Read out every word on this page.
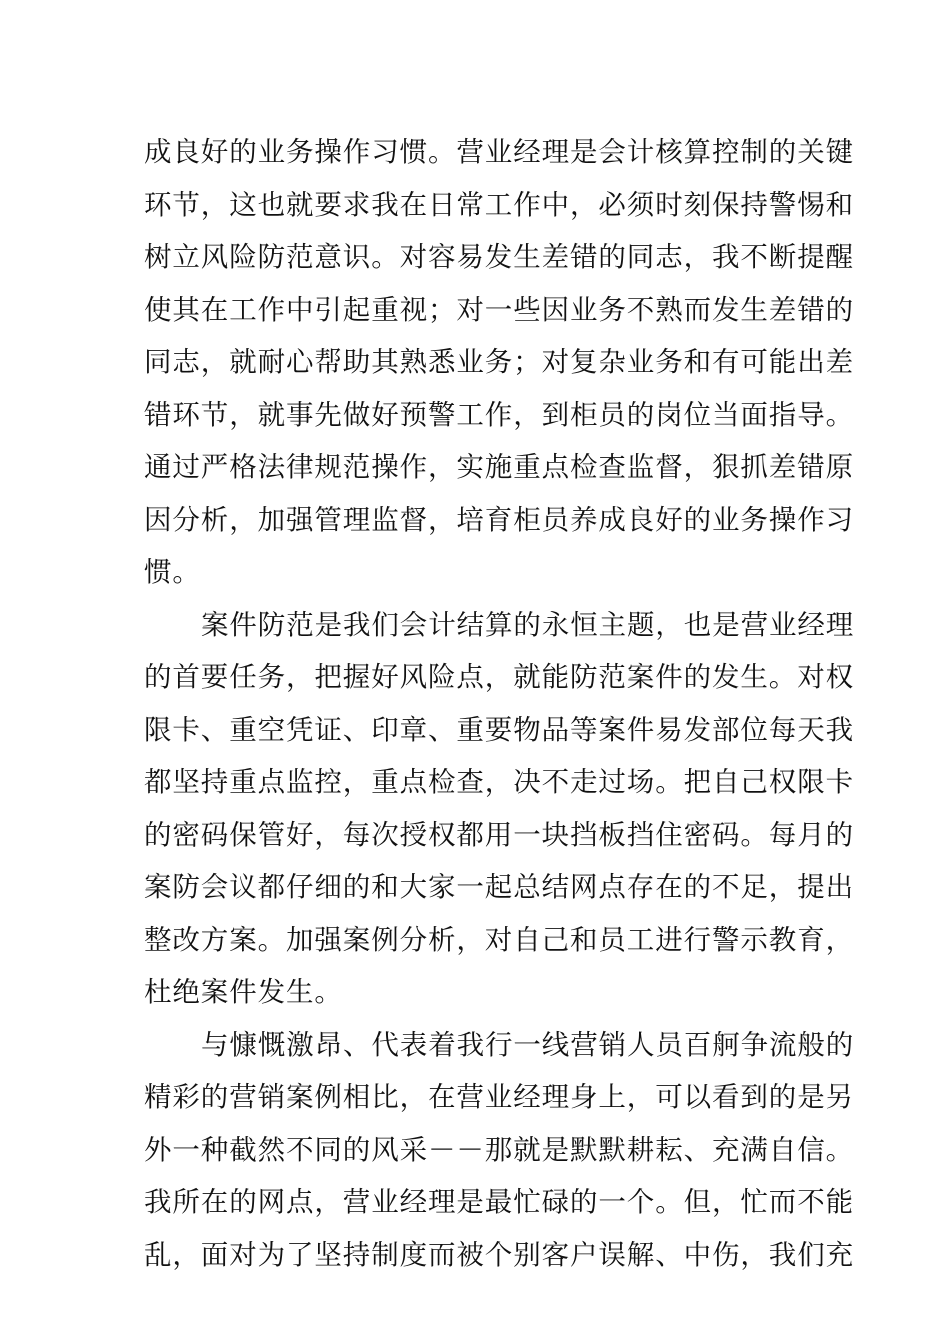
成良好的业务操作习惯。营业经理是会计核算控制的关键
环节，这也就要求我在日常工作中，必须时刻保持警惕和
树立风险防范意识。对容易发生差错的同志，我不断提醒
使其在工作中引起重视；对一些因业务不熟而发生差错的
同志，就耐心帮助其熟悉业务；对复杂业务和有可能出差
错环节，就事先做好预警工作，到柜员的岗位当面指导。
通过严格法律规范操作，实施重点检查监督，狠抓差错原
因分析，加强管理监督，培育柜员养成良好的业务操作习
惯。
案件防范是我们会计结算的永恒主题，也是营业经理
的首要任务，把握好风险点，就能防范案件的发生。对权
限卡、重空凭证、印章、重要物品等案件易发部位每天我
都坚持重点监控，重点检查，决不走过场。把自己权限卡
的密码保管好，每次授权都用一块挡板挡住密码。每月的
案防会议都仔细的和大家一起总结网点存在的不足，提出
整改方案。加强案例分析，对自己和员工进行警示教育，
杜绝案件发生。
与慷慨激昂、代表着我行一线营销人员百舸争流般的
精彩的营销案例相比，在营业经理身上，可以看到的是另
外一种截然不同的风采－－那就是默默耕耘、充满自信。
我所在的网点，营业经理是最忙碌的一个。但，忙而不能
乱，面对为了坚持制度而被个别客户误解、中伤，我们充
